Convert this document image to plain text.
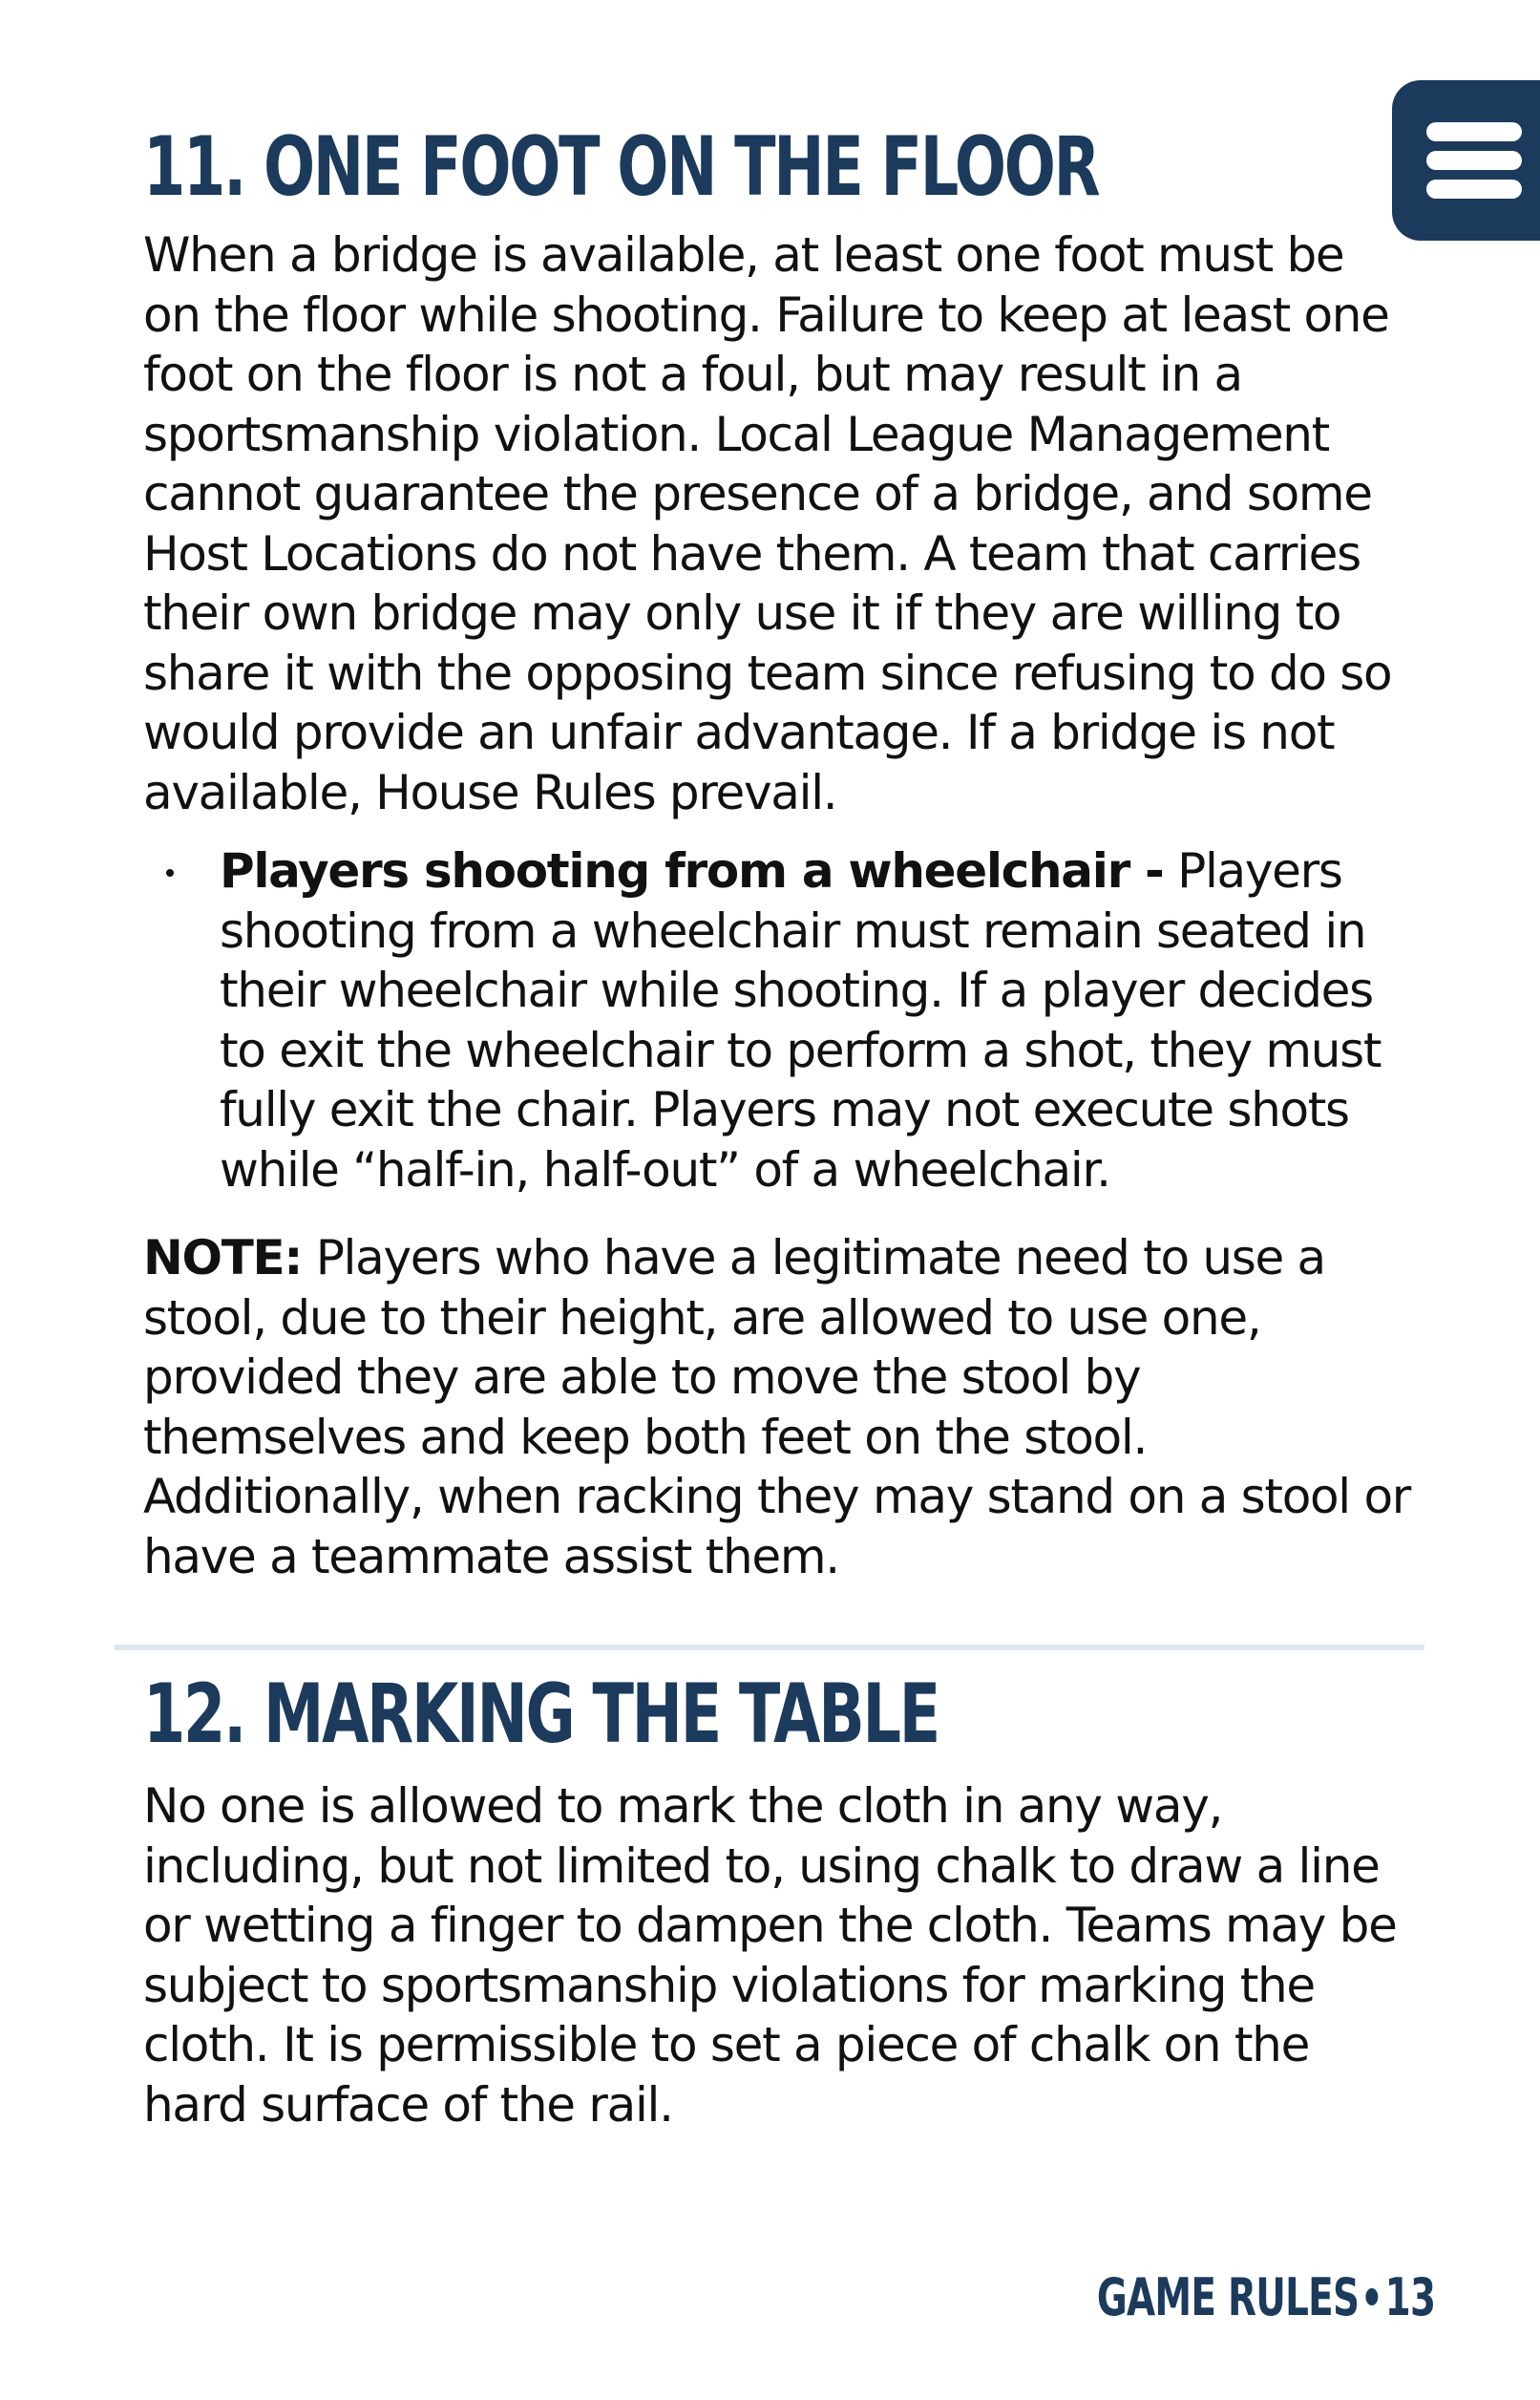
11. ONE FOOT ON THE FLOOR

When a bridge is available, at least one foot must be on the floor while shooting. Failure to keep at least one foot on the floor is not a foul, but may result in a sportsmanship violation. Local League Management cannot guarantee the presence of a bridge, and some Host Locations do not have them. A team that carries their own bridge may only use it if they are willing to share it with the opposing team since refusing to do so would provide an unfair advantage. If a bridge is not available, House Rules prevail.

Players shooting from a wheelchair - Players shooting from a wheelchair must remain seated in their wheelchair while shooting. If a player decides to exit the wheelchair to perform a shot, they must fully exit the chair. Players may not execute shots while “half-in, half-out” of a wheelchair.

NOTE: Players who have a legitimate need to use a stool, due to their height, are allowed to use one, provided they are able to move the stool by themselves and keep both feet on the stool. Additionally, when racking they may stand on a stool or have a teammate assist them.

12. MARKING THE TABLE

No one is allowed to mark the cloth in any way, including, but not limited to, using chalk to draw a line or wetting a finger to dampen the cloth. Teams may be subject to sportsmanship violations for marking the cloth. It is permissible to set a piece of chalk on the hard surface of the rail.

GAME RULES 13
